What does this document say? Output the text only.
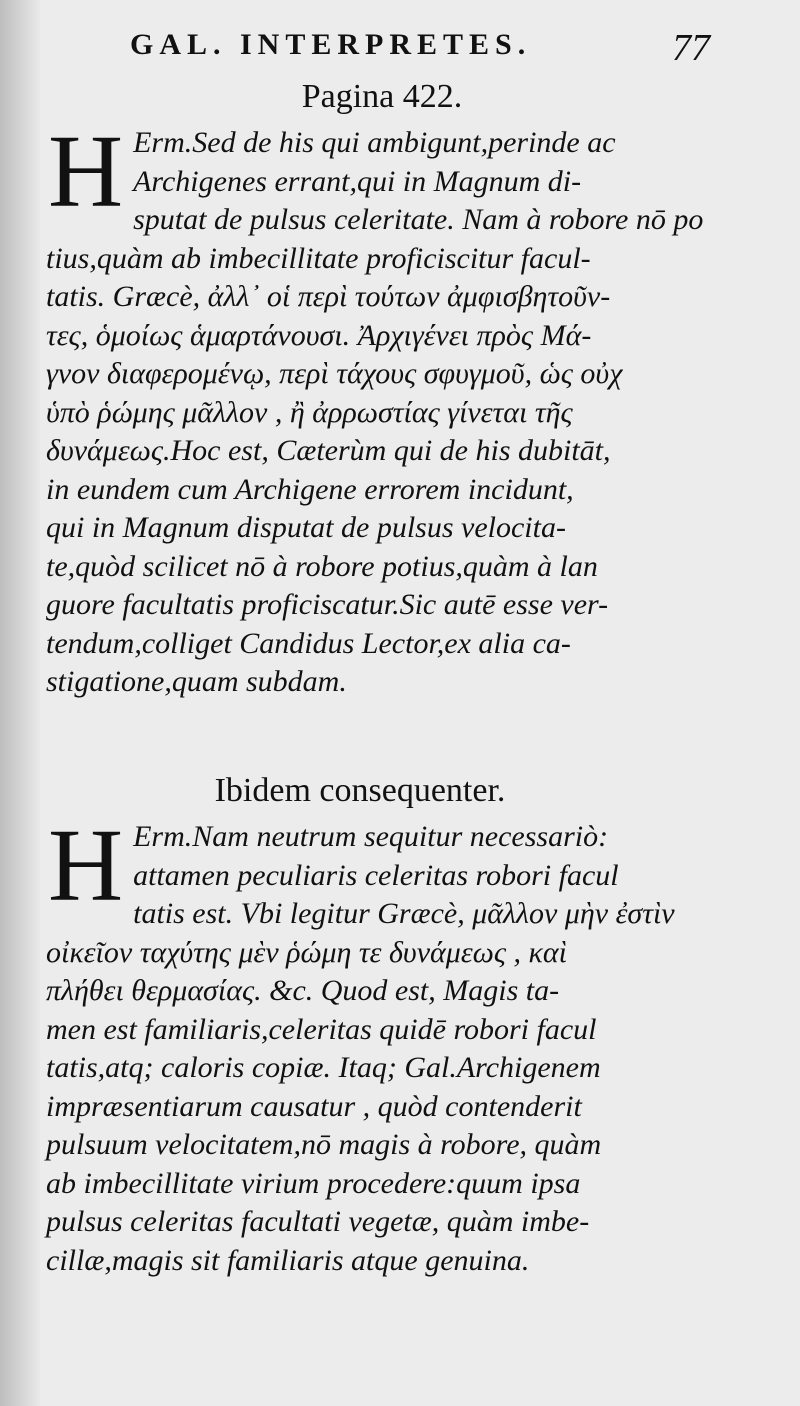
GAL. INTERPRETES.	77
Pagina 422.
H Erm.Sed de his qui ambigunt,perinde ac
Archigenes errant,qui in Magnum di-
sputat de pulsus celeritate. Nam à robore nō po
tius,quàm ab imbecillitate proficiscitur facul-
tatis. Græcè, ἀλλ᾽ οἱ περὶ τούτων ἀμφισβητοῦν-
τες, ὁμοίως ἁμαρτάνουσι. Ἀρχιγένει πρὸς Μά-
γνον διαφερομένῳ, περὶ τάχους σφυγμοῦ, ὡς οὐχ
ὑπὸ ῥώμης μᾶλλον , ἢ ἀρρωστίας γίνεται τῆς
δυνάμεως.Hoc est, Cæterùm qui de his dubitāt,
in eundem cum Archigene errorem incidunt,
qui in Magnum disputat de pulsus velocita-
te,quòd scilicet nō à robore potius,quàm à lan
guore facultatis proficiscatur.Sic autē esse ver-
tendum,colliget Candidus Lector,ex alia ca-
stigatione,quam subdam.
Ibidem consequenter.
H Erm.Nam neutrum sequitur necessariò:
attamen peculiaris celeritas robori facul
tatis est. Vbi legitur Græcè, μᾶλλον μὴν ἐστὶν
οἰκεῖον ταχύτης μὲν ῥώμη τε δυνάμεως , καὶ
πλήθει θερμασίας. &c. Quod est, Magis ta-
men est familiaris,celeritas quidē robori facul
tatis,atq; caloris copiæ. Itaq; Gal.Archigenem
impræsentiarum causatur , quòd contenderit
pulsuum velocitatem,nō magis à robore, quàm
ab imbecillitate virium procedere:quum ipsa
pulsus celeritas facultati vegetæ, quàm imbe-
cillæ,magis sit familiaris atque genuina.
